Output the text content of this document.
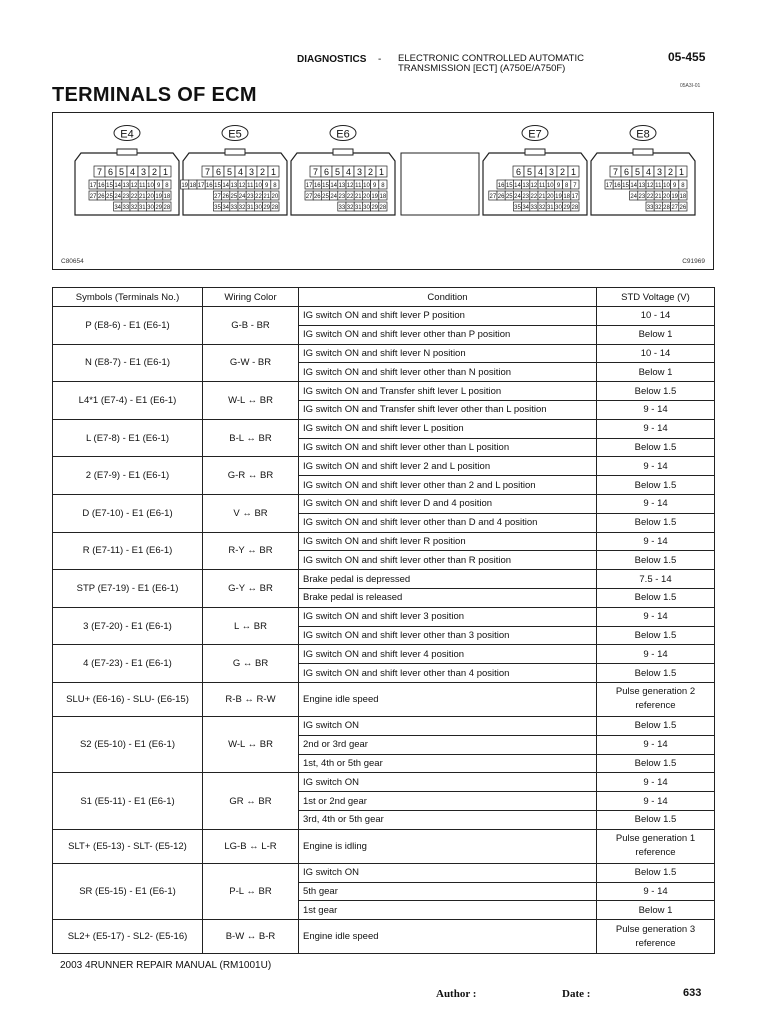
DIAGNOSTICS - ELECTRONIC CONTROLLED AUTOMATIC
TRANSMISSION [ECT] (A750E/A750F)
05-455
05A3I-01
TERMINALS OF ECM
E4
7 6 5 4 3 2 1
17 16 15 14 13 12 11 10 9 8
27 26 25 24 23 22 21 20 19 18
34 33 32 31 30 29 28
E5
7 6 5 4 3 2 1
19 18 17 16 15 14 13 12 11 10 9 8
27 26 25 24 23 22 21 20
35 34 33 32 31 30 29 28
E6
7 6 5 4 3 2 1
17 16 15 14 13 12 11 10 9 8
27 26 25 24 23 22 21 20 19 18
33 32 31 30 29 28
E7
6 5 4 3 2 1
16 15 14 13 12 11 10 9 8 7
27 26 25 24 23 22 21 20 19 18 17
35 34 33 32 31 30 29 28
E8
7 6 5 4 3 2 1
17 16 15 14 13 12 11 10 9 8
24 23 22 21 20 19 18
33 32 28 27 26
C80654	C91969
Symbols (Terminals No.)	Wiring Color	Condition	STD Voltage (V)
P (E8-6) - E1 (E6-1)	G-B - BR	IG switch ON and shift lever P position	10 - 14
		IG switch ON and shift lever other than P position	Below 1
N (E8-7) - E1 (E6-1)	G-W - BR	IG switch ON and shift lever N position	10 - 14
		IG switch ON and shift lever other than N position	Below 1
L4*1 (E7-4) - E1 (E6-1)	W-L ↔ BR	IG switch ON and Transfer shift lever L position	Below 1.5
		IG switch ON and Transfer shift lever other than L position	9 - 14
L (E7-8) - E1 (E6-1)	B-L ↔ BR	IG switch ON and shift lever L position	9 - 14
		IG switch ON and shift lever other than L position	Below 1.5
2 (E7-9) - E1 (E6-1)	G-R ↔ BR	IG switch ON and shift lever 2 and L position	9 - 14
		IG switch ON and shift lever other than 2 and L position	Below 1.5
D (E7-10) - E1 (E6-1)	V ↔ BR	IG switch ON and shift lever D and 4 position	9 - 14
		IG switch ON and shift lever other than D and 4 position	Below 1.5
R (E7-11) - E1 (E6-1)	R-Y ↔ BR	IG switch ON and shift lever R position	9 - 14
		IG switch ON and shift lever other than R position	Below 1.5
STP (E7-19) - E1 (E6-1)	G-Y ↔ BR	Brake pedal is depressed	7.5 - 14
		Brake pedal is released	Below 1.5
3 (E7-20) - E1 (E6-1)	L ↔ BR	IG switch ON and shift lever 3 position	9 - 14
		IG switch ON and shift lever other than 3 position	Below 1.5
4 (E7-23) - E1 (E6-1)	G ↔ BR	IG switch ON and shift lever 4 position	9 - 14
		IG switch ON and shift lever other than 4 position	Below 1.5
SLU+ (E6-16) - SLU- (E6-15)	R-B ↔ R-W	Engine idle speed	Pulse generation 2 reference
S2 (E5-10) - E1 (E6-1)	W-L ↔ BR	IG switch ON	Below 1.5
		2nd or 3rd gear	9 - 14
		1st, 4th or 5th gear	Below 1.5
S1 (E5-11) - E1 (E6-1)	GR ↔ BR	IG switch ON	9 - 14
		1st or 2nd gear	9 - 14
		3rd, 4th or 5th gear	Below 1.5
SLT+ (E5-13) - SLT- (E5-12)	LG-B ↔ L-R	Engine is idling	Pulse generation 1 reference
SR (E5-15) - E1 (E6-1)	P-L ↔ BR	IG switch ON	Below 1.5
		5th gear	9 - 14
		1st gear	Below 1
SL2+ (E5-17) - SL2- (E5-16)	B-W ↔ B-R	Engine idle speed	Pulse generation 3 reference
2003 4RUNNER REPAIR MANUAL (RM1001U)
Author :	Date :	633
